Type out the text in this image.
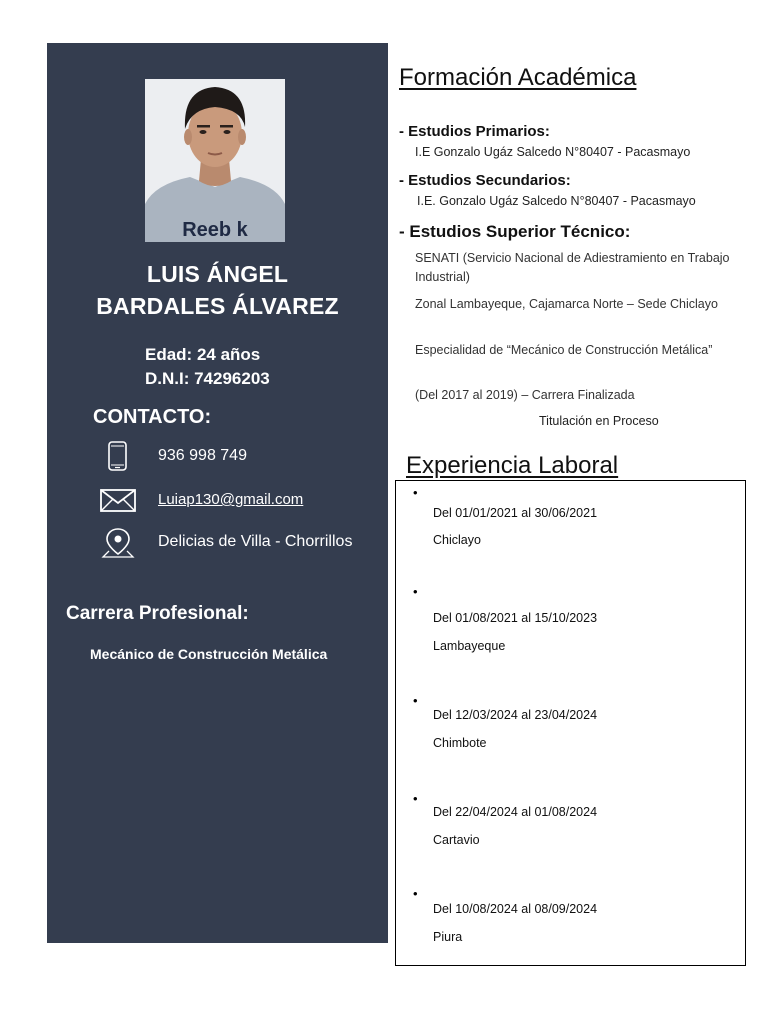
Reeb k
LUIS ÁNGEL
BARDALES ÁLVAREZ
Edad: 24 años
D.N.I: 74296203
CONTACTO:
936 998 749
Luiap130@gmail.com
Delicias de Villa - Chorrillos
Carrera Profesional:
Mecánico de Construcción Metálica
Formación Académica
- Estudios Primarios:
I.E Gonzalo Ugáz Salcedo N°80407 - Pacasmayo
- Estudios Secundarios:
I.E. Gonzalo Ugáz Salcedo N°80407 - Pacasmayo
- Estudios Superior Técnico:
SENATI (Servicio Nacional de Adiestramiento en Trabajo Industrial)
Zonal Lambayeque, Cajamarca Norte – Sede Chiclayo
Especialidad de “Mecánico de Construcción Metálica”
(Del 2017 al 2019) – Carrera Finalizada
Titulación en Proceso
Experiencia Laboral
•
Del 01/01/2021 al 30/06/2021
Chiclayo
•
Del 01/08/2021 al 15/10/2023
Lambayeque
•
Del 12/03/2024 al 23/04/2024
Chimbote
•
Del 22/04/2024 al 01/08/2024
Cartavio
•
Del 10/08/2024 al 08/09/2024
Piura
